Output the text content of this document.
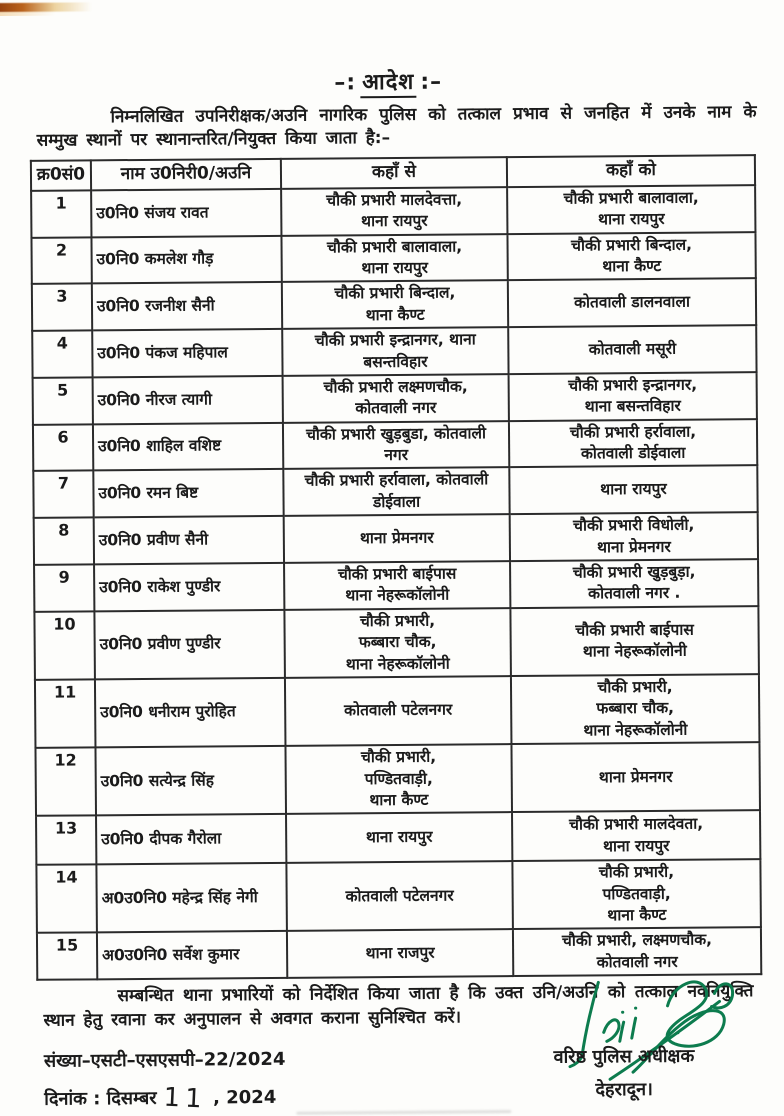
–: आदेश :–

निम्नलिखित उपनिरीक्षक/अउनि नागरिक पुलिस को तत्काल प्रभाव से जनहित में उनके नाम के सम्मुख स्थानों पर स्थानान्तरित/नियुक्त किया जाता है:–

क्र0सं0	नाम उ0निरी0/अउनि	कहाँ से	कहाँ को
1	उ0नि0 संजय रावत	चौकी प्रभारी मालदेवत्ता,
थाना रायपुर	चौकी प्रभारी बालावाला,
थाना रायपुर
2	उ0नि0 कमलेश गौड़	चौकी प्रभारी बालावाला,
थाना रायपुर	चौकी प्रभारी बिन्दाल,
थाना कैण्ट
3	उ0नि0 रजनीश सैनी	चौकी प्रभारी बिन्दाल,
थाना कैण्ट	कोतवाली डालनवाला
4	उ0नि0 पंकज महिपाल	चौकी प्रभारी इन्द्रानगर, थाना
बसन्तविहार	कोतवाली मसूरी
5	उ0नि0 नीरज त्यागी	चौकी प्रभारी लक्ष्मणचौक,
कोतवाली नगर	चौकी प्रभारी इन्द्रानगर,
थाना बसन्तविहार
6	उ0नि0 शाहिल वशिष्ट	चौकी प्रभारी खुड़बुडा, कोतवाली
नगर	चौकी प्रभारी हर्रावाला,
कोतवाली डोईवाला
7	उ0नि0 रमन बिष्ट	चौकी प्रभारी हर्रावाला, कोतवाली
डोईवाला	थाना रायपुर
8	उ0नि0 प्रवीण सैनी	थाना प्रेमनगर	चौकी प्रभारी विधोली,
थाना प्रेमनगर
9	उ0नि0 राकेश पुण्डीर	चौकी प्रभारी बाईपास
थाना नेहरूकॉलोनी	चौकी प्रभारी खुड़बुड़ा,
कोतवाली नगर .
10	उ0नि0 प्रवीण पुण्डीर	चौकी प्रभारी,
फब्बारा चौक,
थाना नेहरूकॉलोनी	चौकी प्रभारी बाईपास
थाना नेहरूकॉलोनी
11	उ0नि0 धनीराम पुरोहित	कोतवाली पटेलनगर	चौकी प्रभारी,
फब्बारा चौक,
थाना नेहरूकॉलोनी
12	उ0नि0 सत्येन्द्र सिंह	चौकी प्रभारी,
पण्डितवाड़ी,
थाना कैण्ट	थाना प्रेमनगर
13	उ0नि0 दीपक गैरोला	थाना रायपुर	चौकी प्रभारी मालदेवता,
थाना रायपुर
14	अ0उ0नि0 महेन्द्र सिंह नेगी	कोतवाली पटेलनगर	चौकी प्रभारी,
पण्डितवाड़ी,
थाना कैण्ट
15	अ0उ0नि0 सर्वेश कुमार	थाना राजपुर	चौकी प्रभारी, लक्ष्मणचौक,
कोतवाली नगर

सम्बन्धित थाना प्रभारियों को निर्देशित किया जाता है कि उक्त उनि/अउनि को तत्काल नवनियुक्ति स्थान हेतु रवाना कर अनुपालन से अवगत कराना सुनिश्चित करें।

संख्या–एसटी–एसएसपी–22/2024
दिनांक : दिसम्बर 11 , 2024
वरिष्ठ पुलिस अधीक्षक
देहरादून।
